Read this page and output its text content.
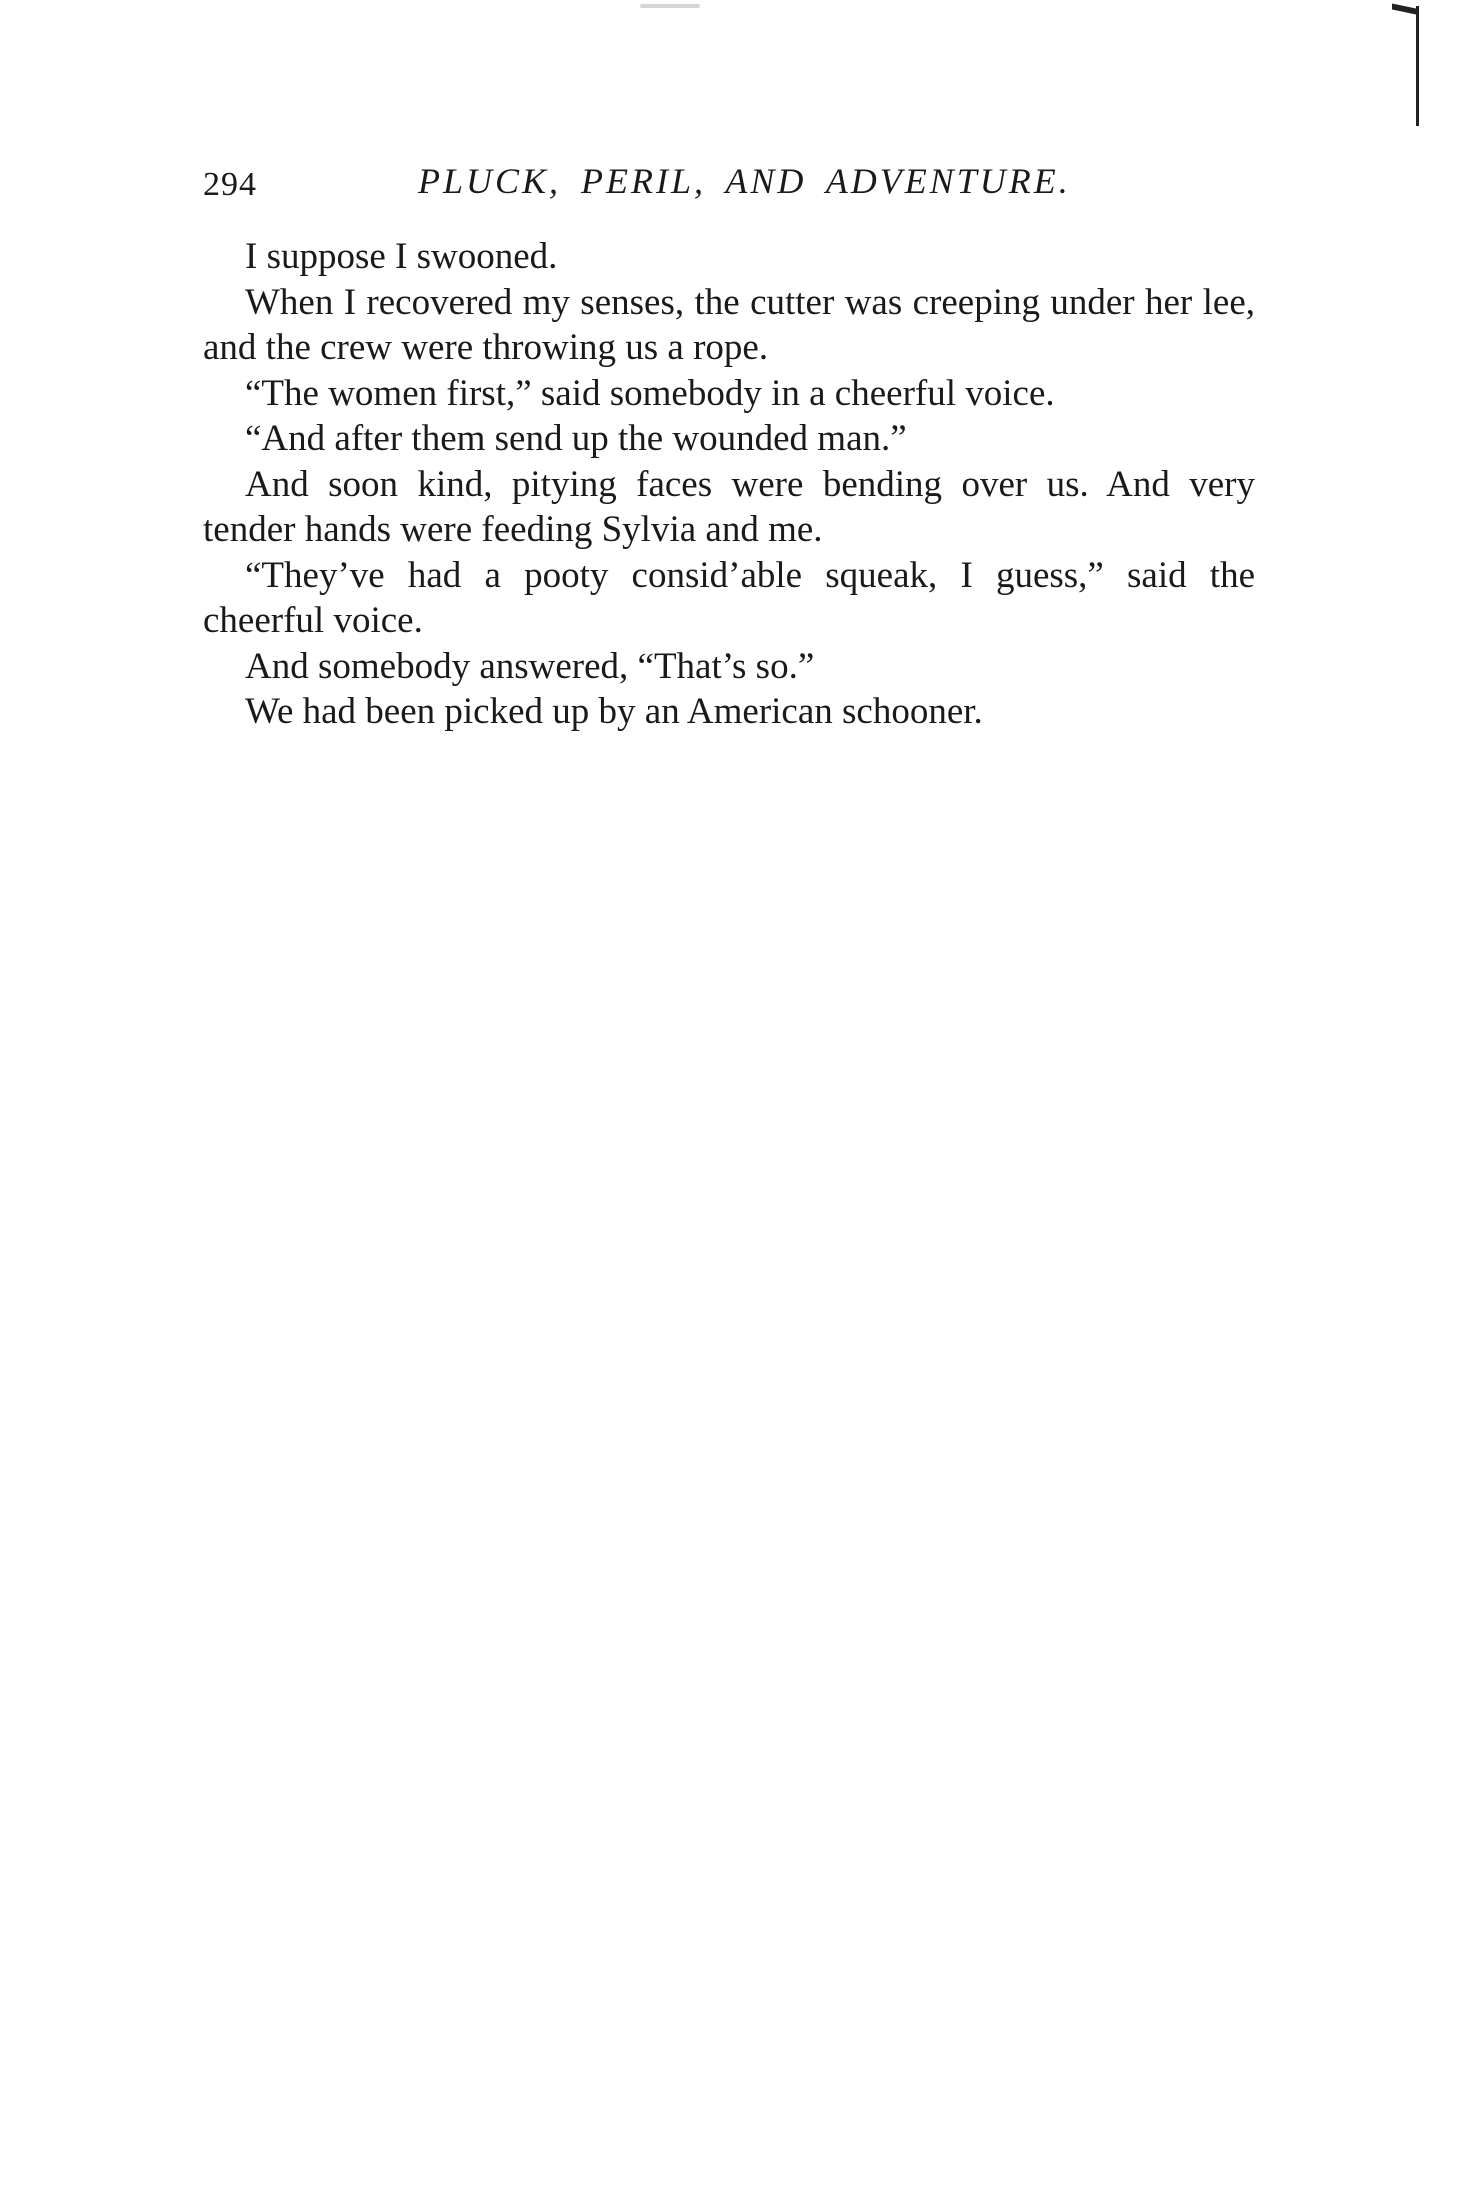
294	PLUCK, PERIL, AND ADVENTURE.

I suppose I swooned.

When I recovered my senses, the cutter was creeping under her lee, and the crew were throwing us a rope.

“The women first,” said somebody in a cheerful voice.

“And after them send up the wounded man.”

And soon kind, pitying faces were bending over us. And very tender hands were feeding Sylvia and me.

“They’ve had a pooty consid’able squeak, I guess,” said the cheerful voice.

And somebody answered, “That’s so.”

We had been picked up by an American schooner.
